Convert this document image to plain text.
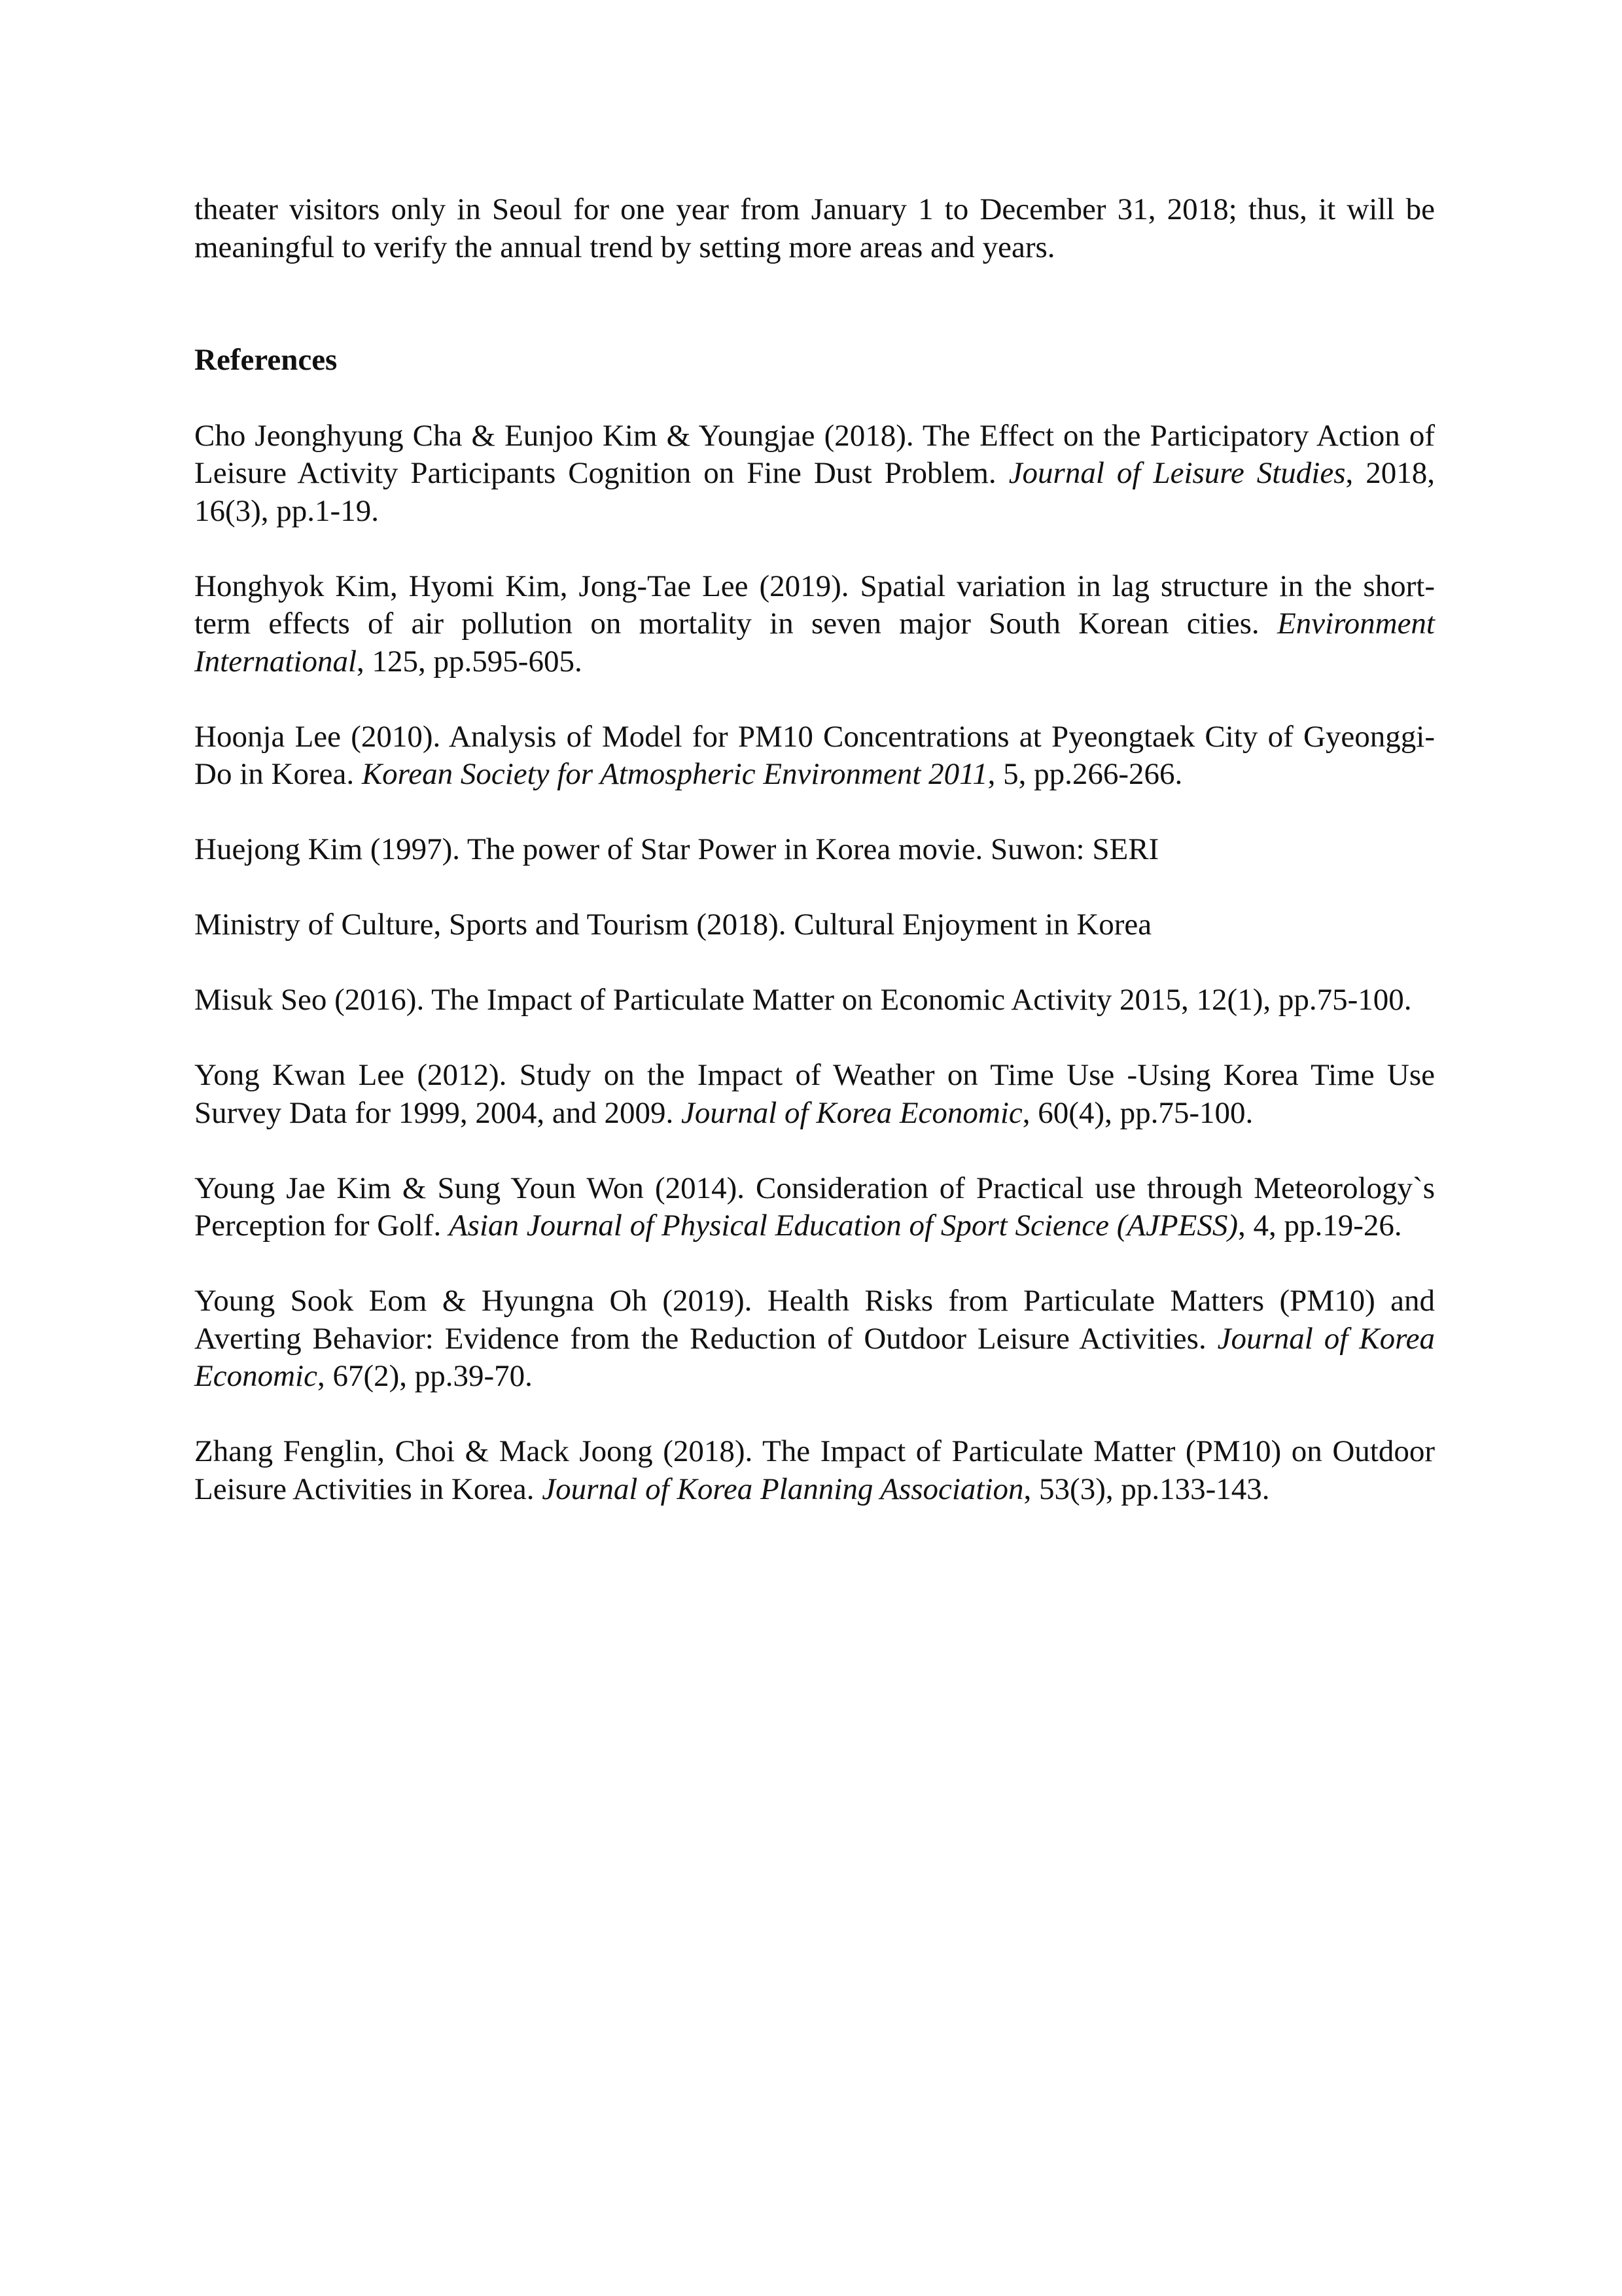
theater visitors only in Seoul for one year from January 1 to December 31, 2018; thus, it will be meaningful to verify the annual trend by setting more areas and years.

References
Cho Jeonghyung Cha & Eunjoo Kim & Youngjae (2018). The Effect on the Participatory Action of Leisure Activity Participants Cognition on Fine Dust Problem. Journal of Leisure Studies, 2018, 16(3), pp.1-19.
Honghyok Kim, Hyomi Kim, Jong-Tae Lee (2019). Spatial variation in lag structure in the short-term effects of air pollution on mortality in seven major South Korean cities. Environment International, 125, pp.595-605.
Hoonja Lee (2010). Analysis of Model for PM10 Concentrations at Pyeongtaek City of Gyeonggi-Do in Korea. Korean Society for Atmospheric Environment 2011, 5, pp.266-266.
Huejong Kim (1997). The power of Star Power in Korea movie. Suwon: SERI
Ministry of Culture, Sports and Tourism (2018). Cultural Enjoyment in Korea
Misuk Seo (2016). The Impact of Particulate Matter on Economic Activity 2015, 12(1), pp.75-100.
Yong Kwan Lee (2012). Study on the Impact of Weather on Time Use -Using Korea Time Use Survey Data for 1999, 2004, and 2009. Journal of Korea Economic, 60(4), pp.75-100.
Young Jae Kim & Sung Youn Won (2014). Consideration of Practical use through Meteorology`s Perception for Golf. Asian Journal of Physical Education of Sport Science (AJPESS), 4, pp.19-26.
Young Sook Eom & Hyungna Oh (2019). Health Risks from Particulate Matters (PM10) and Averting Behavior: Evidence from the Reduction of Outdoor Leisure Activities. Journal of Korea Economic, 67(2), pp.39-70.
Zhang Fenglin, Choi & Mack Joong (2018). The Impact of Particulate Matter (PM10) on Outdoor Leisure Activities in Korea. Journal of Korea Planning Association, 53(3), pp.133-143.
